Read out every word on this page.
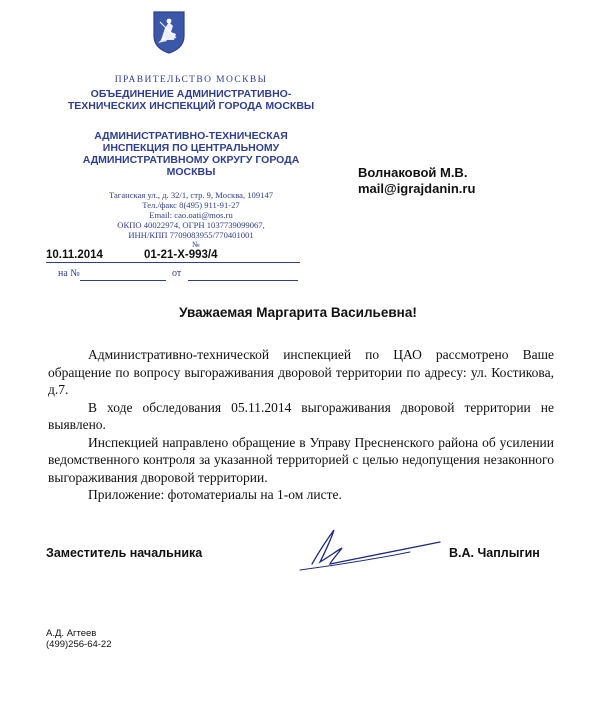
ПРАВИТЕЛЬСТВО МОСКВЫ
ОБЪЕДИНЕНИЕ АДМИНИСТРАТИВНО-ТЕХНИЧЕСКИХ ИНСПЕКЦИЙ ГОРОДА МОСКВЫ
АДМИНИСТРАТИВНО-ТЕХНИЧЕСКАЯ ИНСПЕКЦИЯ ПО ЦЕНТРАЛЬНОМУ АДМИНИСТРАТИВНОМУ ОКРУГУ ГОРОДА МОСКВЫ
Таганская ул., д. 32/1, стр. 9, Москва, 109147
Тел./факс 8(495) 911-91-27
Email: cao.oati@mos.ru
ОКПО 40022974, ОГРН 1037739099067,
ИНН/КПП 7709083955/770401001
Волнаковой М.В.
mail@igrajdanin.ru
10.11.2014
№
01-21-Х-993/4
на №	от
Уважаемая Маргарита Васильевна!

Административно-технической инспекцией по ЦАО рассмотрено Ваше обращение по вопросу выгораживания дворовой территории по адресу: ул. Костикова, д.7.

В ходе обследования 05.11.2014 выгораживания дворовой территории не выявлено.

Инспекцией направлено обращение в Управу Пресненского района об усилении ведомственного контроля за указанной территорией с целью недопущения незаконного выгораживания дворовой территории.

Приложение: фотоматериалы на 1-ом листе.

Заместитель начальника	В.А. Чаплыгин
А.Д. Агтеев
(499)256-64-22
